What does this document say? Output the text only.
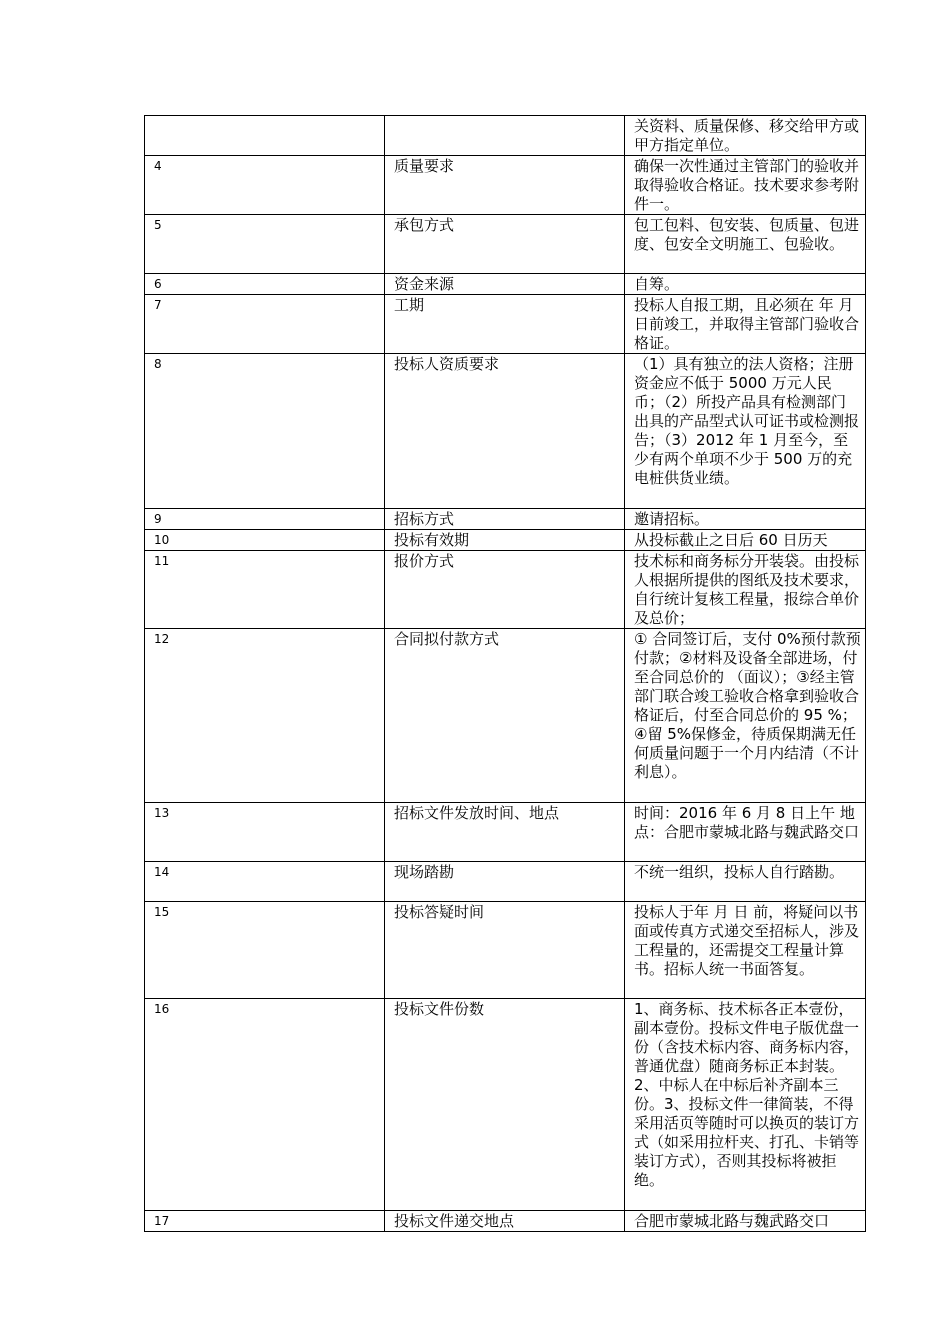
		关资料、质量保修、移交给甲方或甲方指定单位。
4	质量要求	确保一次性通过主管部门的验收并取得验收合格证。技术要求参考附件一。
5	承包方式	包工包料、包安装、包质量、包进度、包安全文明施工、包验收。
6	资金来源	自筹。
7	工期	投标人自报工期，且必须在 年 月 日前竣工，并取得主管部门验收合格证。
8	投标人资质要求	（1）具有独立的法人资格；注册资金应不低于 5000 万元人民币；（2）所投产品具有检测部门出具的产品型式认可证书或检测报告；（3）2012 年 1 月至今，至少有两个单项不少于 500 万的充电桩供货业绩。
9	招标方式	邀请招标。
10	投标有效期	从投标截止之日后 60 日历天
11	报价方式	技术标和商务标分开装袋。由投标人根据所提供的图纸及技术要求，自行统计复核工程量，报综合单价及总价；
12	合同拟付款方式	① 合同签订后，支付 0%预付款预付款；②材料及设备全部进场，付至合同总价的 （面议）；③经主管部门联合竣工验收合格拿到验收合格证后，付至合同总价的 95 %；④留 5%保修金，待质保期满无任何质量问题于一个月内结清（不计利息）。
13	招标文件发放时间、地点	时间：2016 年 6 月 8 日上午 地点：合肥市蒙城北路与魏武路交口
14	现场踏勘	不统一组织，投标人自行踏勘。
15	投标答疑时间	投标人于年 月 日 前，将疑问以书面或传真方式递交至招标人，涉及工程量的，还需提交工程量计算书。招标人统一书面答复。
16	投标文件份数	1、商务标、技术标各正本壹份，副本壹份。投标文件电子版优盘一份（含技术标内容、商务标内容，普通优盘）随商务标正本封装。2、中标人在中标后补齐副本三份。3、投标文件一律简装，不得采用活页等随时可以换页的装订方式（如采用拉杆夹、打孔、卡销等装订方式），否则其投标将被拒绝。
17	投标文件递交地点	合肥市蒙城北路与魏武路交口
